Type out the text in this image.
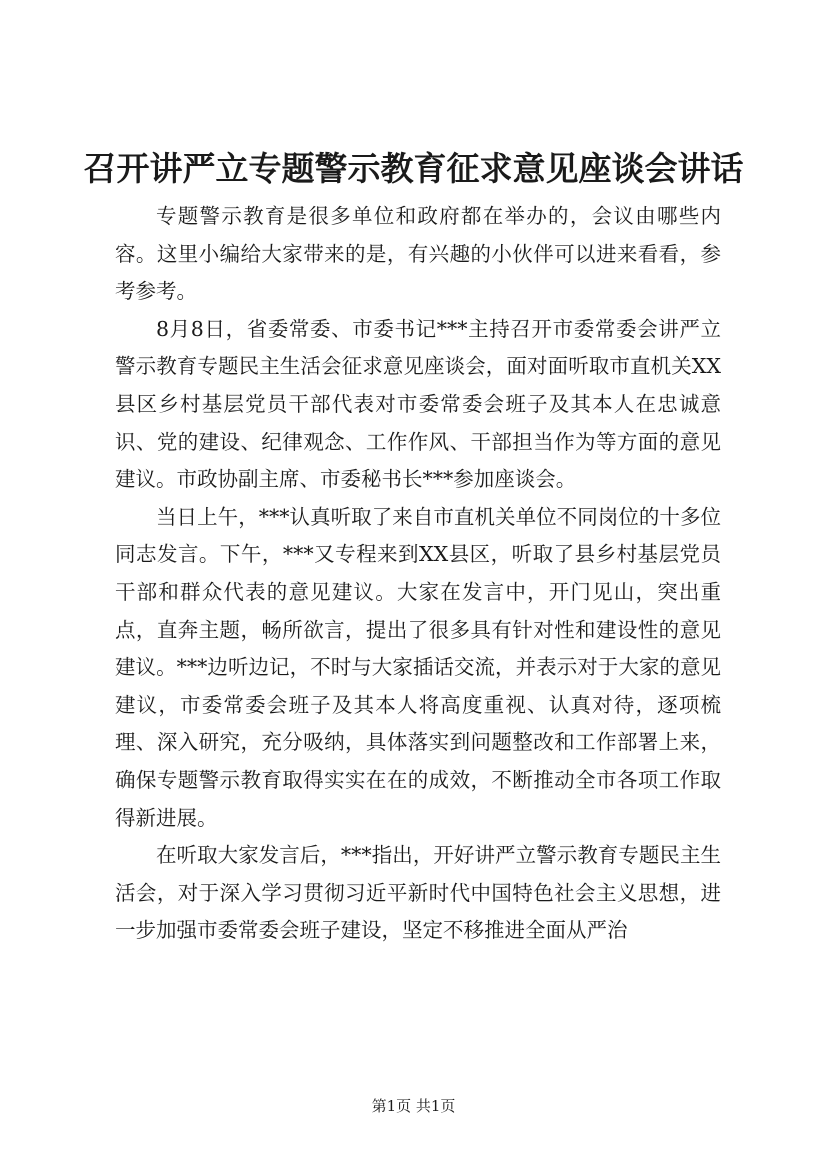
召开讲严立专题警示教育征求意见座谈会讲话

专题警示教育是很多单位和政府都在举办的，会议由哪些内容。这里小编给大家带来的是，有兴趣的小伙伴可以进来看看，参考参考。

8月8日，省委常委、市委书记***主持召开市委常委会讲严立警示教育专题民主生活会征求意见座谈会，面对面听取市直机关XX县区乡村基层党员干部代表对市委常委会班子及其本人在忠诚意识、党的建设、纪律观念、工作作风、干部担当作为等方面的意见建议。市政协副主席、市委秘书长***参加座谈会。

当日上午，***认真听取了来自市直机关单位不同岗位的十多位同志发言。下午，***又专程来到XX县区，听取了县乡村基层党员干部和群众代表的意见建议。大家在发言中，开门见山，突出重点，直奔主题，畅所欲言，提出了很多具有针对性和建设性的意见建议。***边听边记，不时与大家插话交流，并表示对于大家的意见建议，市委常委会班子及其本人将高度重视、认真对待，逐项梳理、深入研究，充分吸纳，具体落实到问题整改和工作部署上来，确保专题警示教育取得实实在在的成效，不断推动全市各项工作取得新进展。

在听取大家发言后，***指出，开好讲严立警示教育专题民主生活会，对于深入学习贯彻习近平新时代中国特色社会主义思想，进一步加强市委常委会班子建设，坚定不移推进全面从严治

第1页 共1页
